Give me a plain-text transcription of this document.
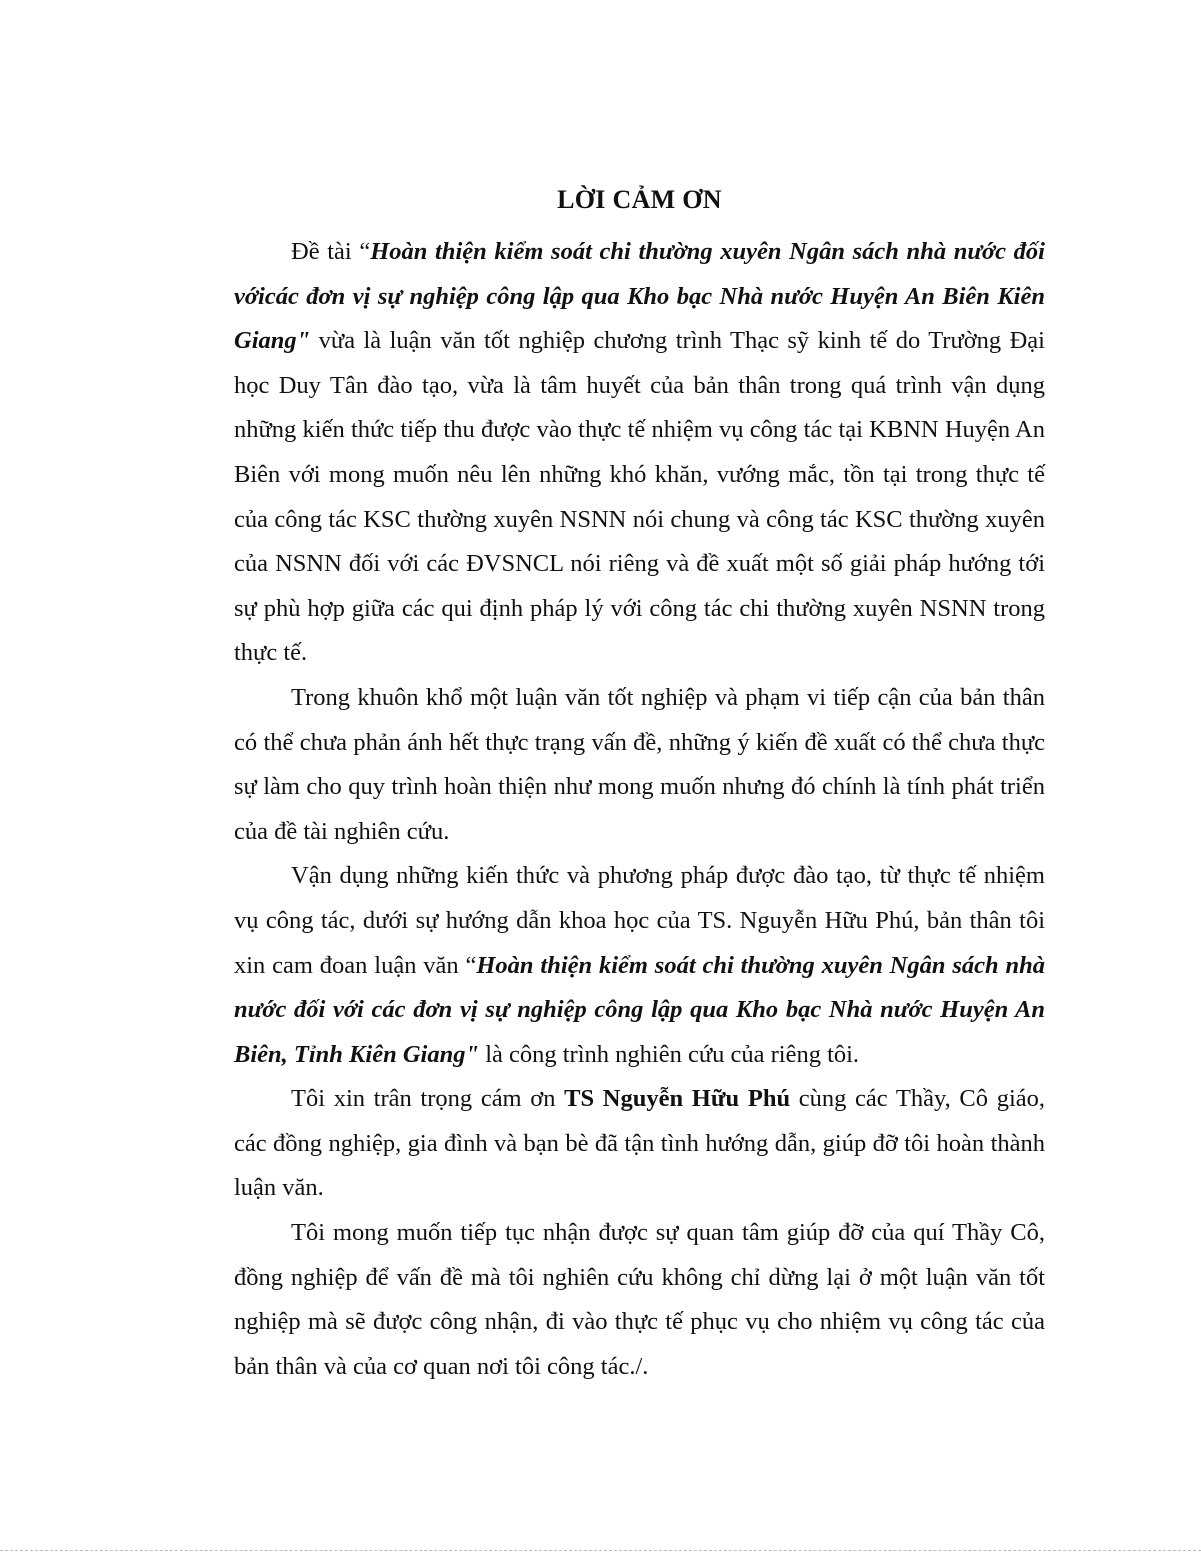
LỜI CẢM ƠN

Đề tài “Hoàn thiện kiểm soát chi thường xuyên Ngân sách nhà nước đối vớicác đơn vị sự nghiệp công lập qua Kho bạc Nhà nước Huyện An Biên Kiên Giang" vừa là luận văn tốt nghiệp chương trình Thạc sỹ kinh tế do Trường Đại học Duy Tân đào tạo, vừa là tâm huyết của bản thân trong quá trình vận dụng những kiến thức tiếp thu được vào thực tế nhiệm vụ công tác tại KBNN Huyện An Biên với mong muốn nêu lên những khó khăn, vướng mắc, tồn tại trong thực tế của công tác KSC thường xuyên NSNN nói chung và công tác KSC thường xuyên của NSNN đối với các ĐVSNCL nói riêng và đề xuất một số giải pháp hướng tới sự phù hợp giữa các qui định pháp lý với công tác chi thường xuyên NSNN trong thực tế.

Trong khuôn khổ một luận văn tốt nghiệp và phạm vi tiếp cận của bản thân có thể chưa phản ánh hết thực trạng vấn đề, những ý kiến đề xuất có thể chưa thực sự làm cho quy trình hoàn thiện như mong muốn nhưng đó chính là tính phát triển của đề tài nghiên cứu.

Vận dụng những kiến thức và phương pháp được đào tạo, từ thực tế nhiệm vụ công tác, dưới sự hướng dẫn khoa học của TS. Nguyễn Hữu Phú, bản thân tôi xin cam đoan luận văn “Hoàn thiện kiểm soát chi thường xuyên Ngân sách nhà nước đối với các đơn vị sự nghiệp công lập qua Kho bạc Nhà nước Huyện An Biên, Tỉnh Kiên Giang" là công trình nghiên cứu của riêng tôi.

Tôi xin trân trọng cám ơn TS Nguyễn Hữu Phú cùng các Thầy, Cô giáo, các đồng nghiệp, gia đình và bạn bè đã tận tình hướng dẫn, giúp đỡ tôi hoàn thành luận văn.

Tôi mong muốn tiếp tục nhận được sự quan tâm giúp đỡ của quí Thầy Cô, đồng nghiệp để vấn đề mà tôi nghiên cứu không chỉ dừng lại ở một luận văn tốt nghiệp mà sẽ được công nhận, đi vào thực tế phục vụ cho nhiệm vụ công tác của bản thân và của cơ quan nơi tôi công tác./.
